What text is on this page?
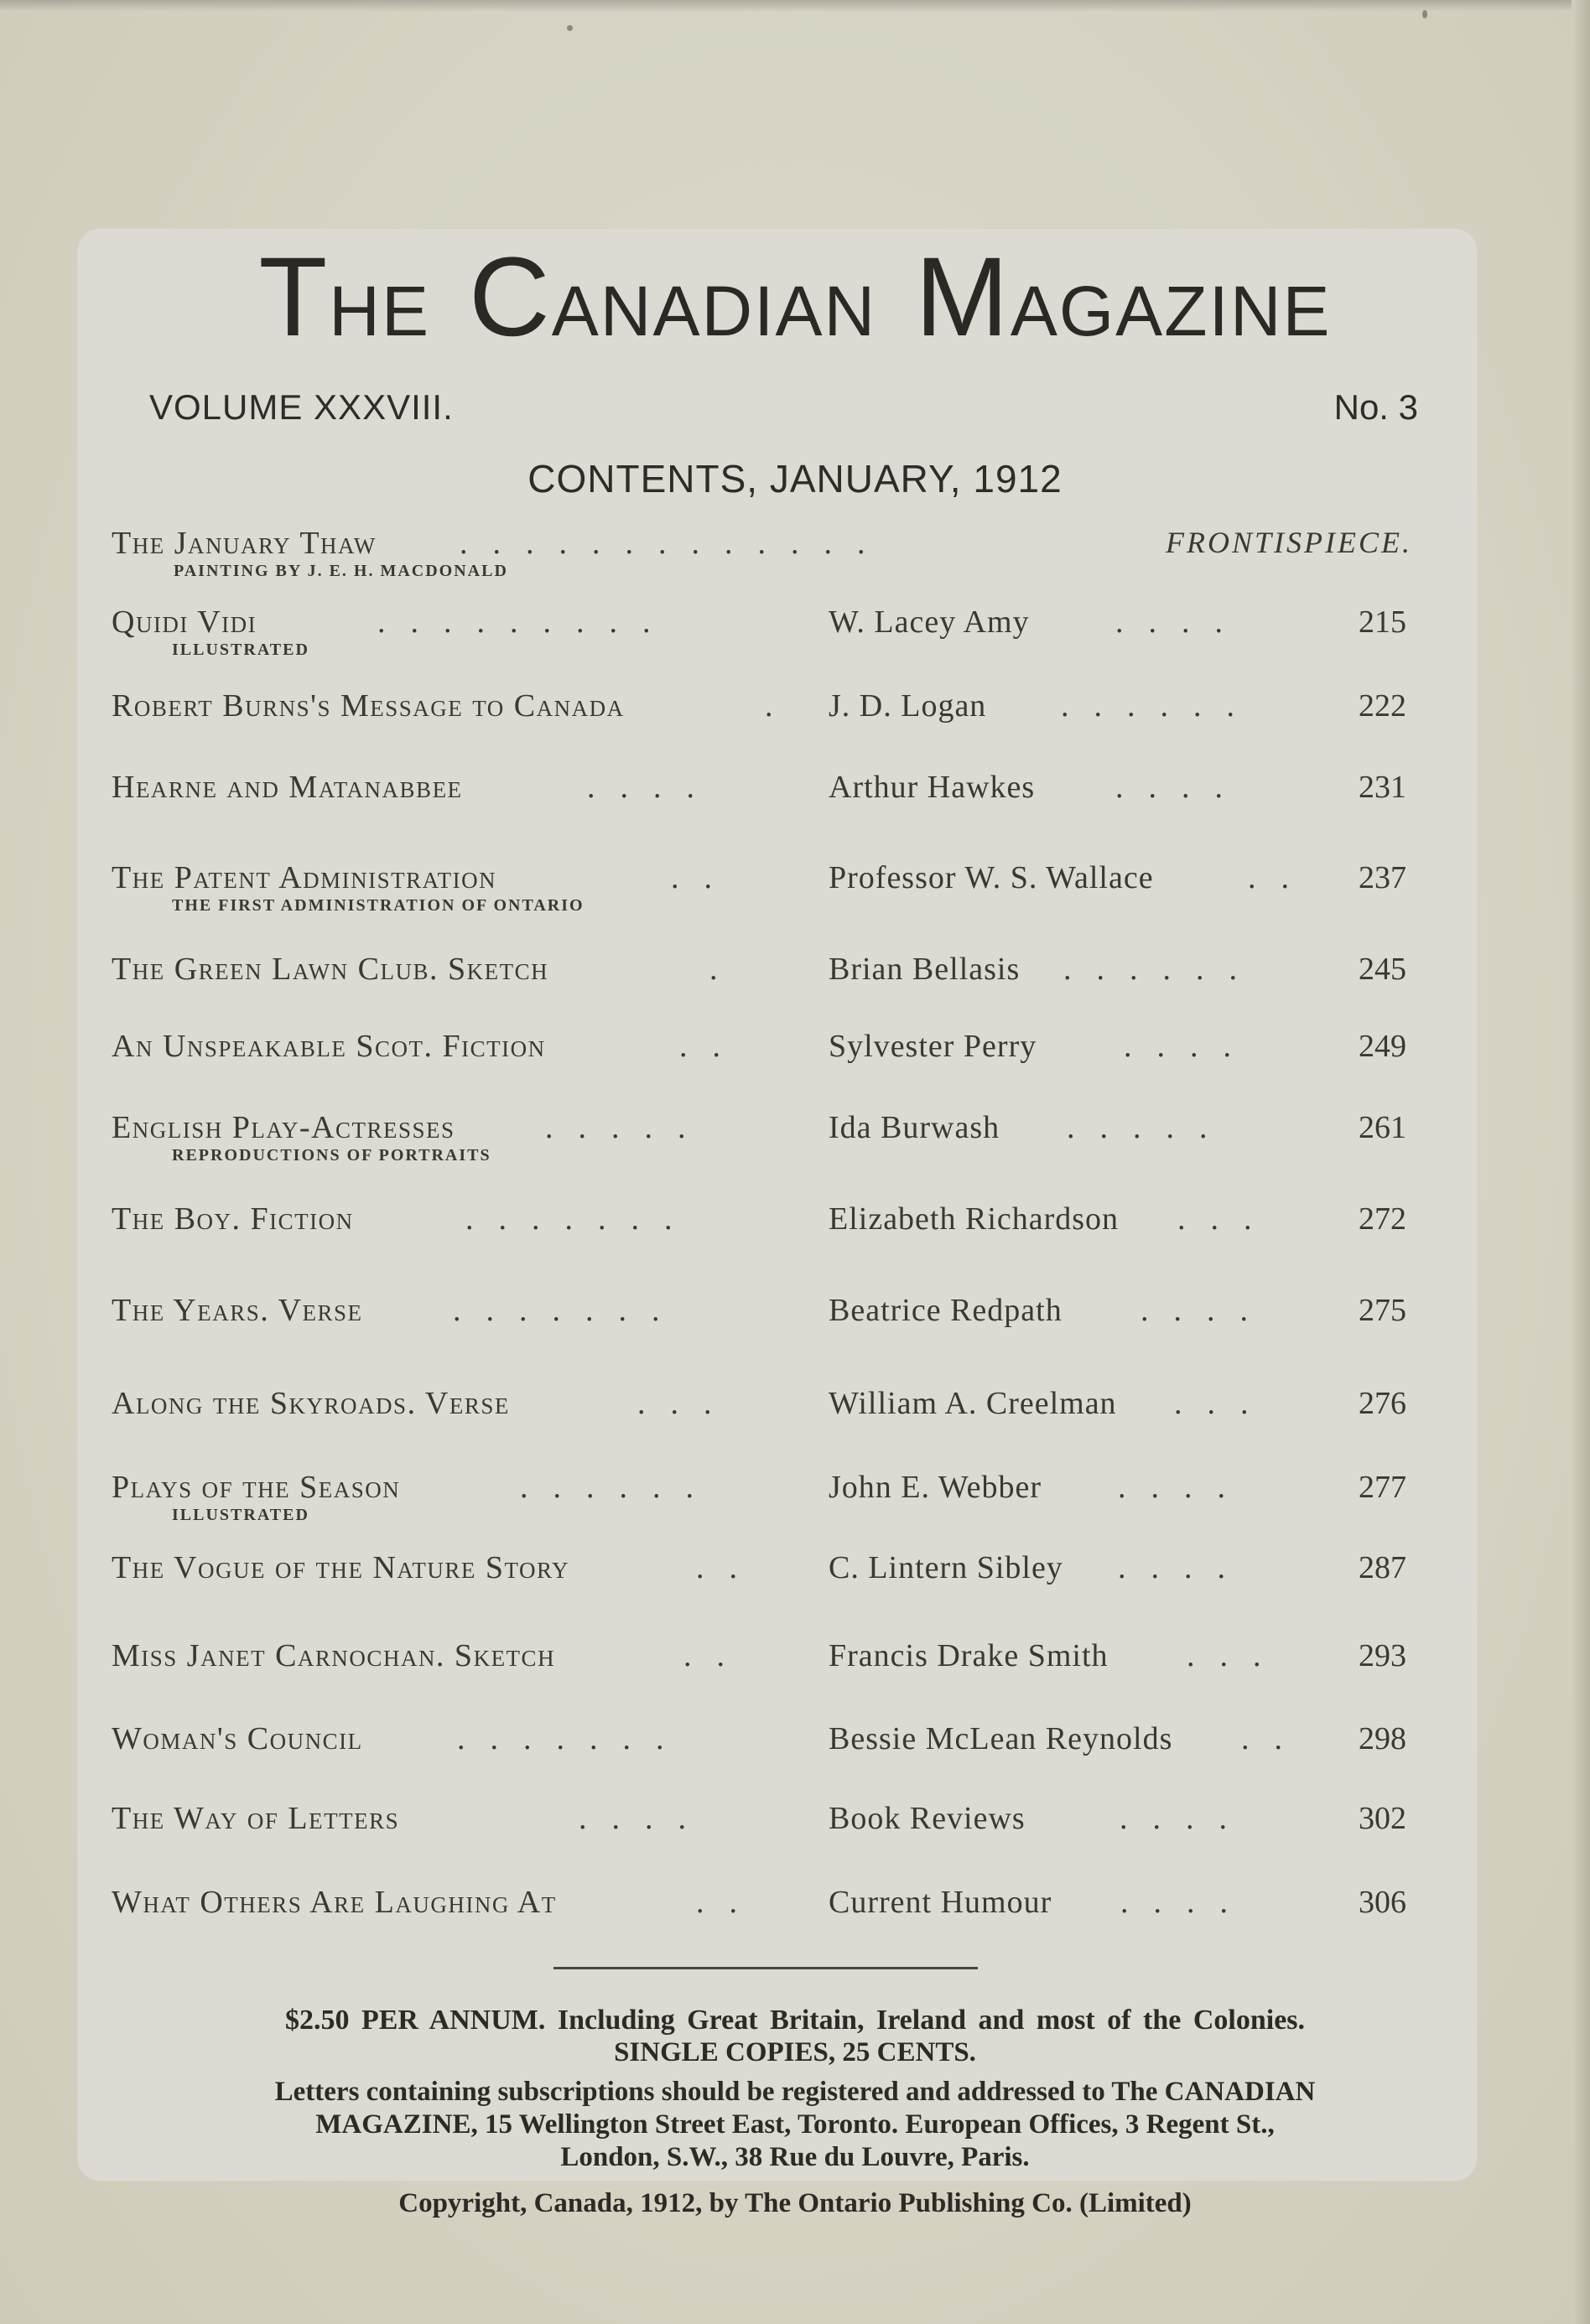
THE CANADIAN MAGAZINE
VOLUME XXXVIII.	No. 3
CONTENTS, JANUARY, 1912
The January Thaw
PAINTING BY J. E. H. MACDONALD
.............	FRONTISPIECE.
Quidi Vidi
ILLUSTRATED
.........	W. Lacey Amy	....	215
Robert Burns's Message to Canada	. J. D. Logan ......	222
Hearne and Matanabbee	....	Arthur Hawkes	....	231
The Patent Administration
THE FIRST ADMINISTRATION OF ONTARIO
..	Professor W. S. Wallace	.. 237
The Green Lawn Club. Sketch	.	Brian Bellasis ......	245
An Unspeakable Scot. Fiction	..	Sylvester Perry	....	249
English Play-Actresses
REPRODUCTIONS OF PORTRAITS
.....	Ida Burwash .....	261
The Boy. Fiction	.......	Elizabeth Richardson ...	272
The Years. Verse	.......	Beatrice Redpath ....	275
Along the Skyroads. Verse	...	William A. Creelman ...	276
Plays of the Season
ILLUSTRATED
......	John E. Webber ....	277
The Vogue of the Nature Story	.. C. Lintern Sibley ....	287
Miss Janet Carnochan. Sketch	.. Francis Drake Smith ... 293
Woman's Council	.......	Bessie McLean Reynolds .. 298
The Way of Letters	....	Book Reviews	....	302
What Others Are Laughing At	.. Current Humour ....	306
$2.50 PER ANNUM. Including Great Britain, Ireland and most of the Colonies.
SINGLE COPIES, 25 CENTS.
Letters containing subscriptions should be registered and addressed to The CANADIAN
MAGAZINE, 15 Wellington Street East, Toronto. European Offices, 3 Regent St.,
London, S.W., 38 Rue du Louvre, Paris.
Copyright, Canada, 1912, by The Ontario Publishing Co. (Limited)
